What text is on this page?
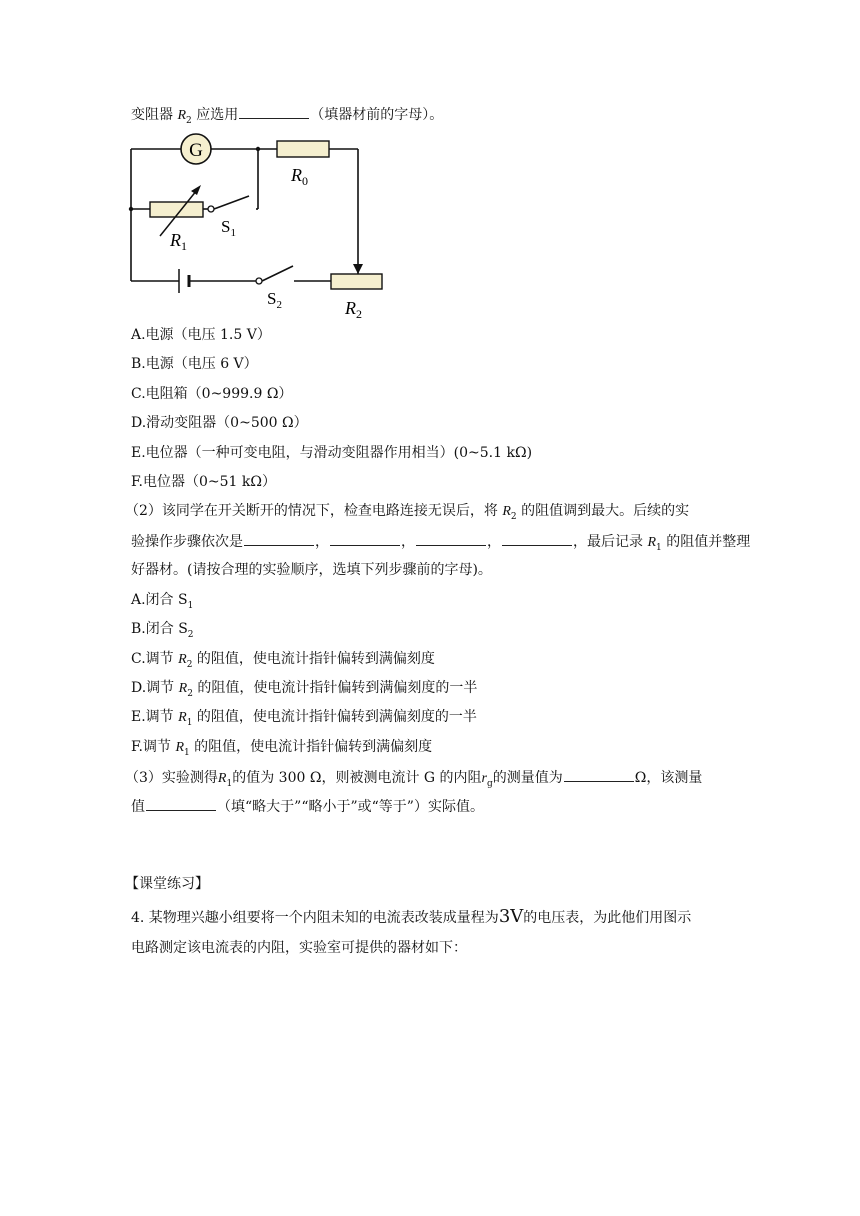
变阻器 $R_2$ 应选用	（填器材前的字母）。
G
$R_0$
$R_1$
$S_1$
$S_2$	$R_2$
A.电源（电压 1.5 V）
B.电源（电压 6 V）
C.电阻箱（0~999.9 Ω）
D.滑动变阻器（0~500 Ω）
E.电位器（一种可变电阻，与滑动变阻器作用相当）(0~5.1 kΩ)
F.电位器（0~51 kΩ）
（2）该同学在开关断开的情况下，检查电路连接无误后，将 $R_2$ 的阻值调到最大。后续的实
验操作步骤依次是	，	，	，	，最后记录 $R_1$ 的阻值并整理
好器材。(请按合理的实验顺序，选填下列步骤前的字母)。
A.闭合 $S_1$
B.闭合 $S_2$
C.调节 $R_2$ 的阻值，使电流计指针偏转到满偏刻度
D.调节 $R_2$ 的阻值，使电流计指针偏转到满偏刻度的一半
E.调节 $R_1$ 的阻值，使电流计指针偏转到满偏刻度的一半
F.调节 $R_1$ 的阻值，使电流计指针偏转到满偏刻度
（3）实验测得$R_1$的值为 300 Ω，则被测电流计 G 的内阻$r_g$的测量值为	Ω，该测量
值	（填“略大于”“略小于”或“等于”）实际值。
【课堂练习】
4. 某物理兴趣小组要将一个内阻未知的电流表改装成量程为3V的电压表，为此他们用图示
电路测定该电流表的内阻，实验室可提供的器材如下：
